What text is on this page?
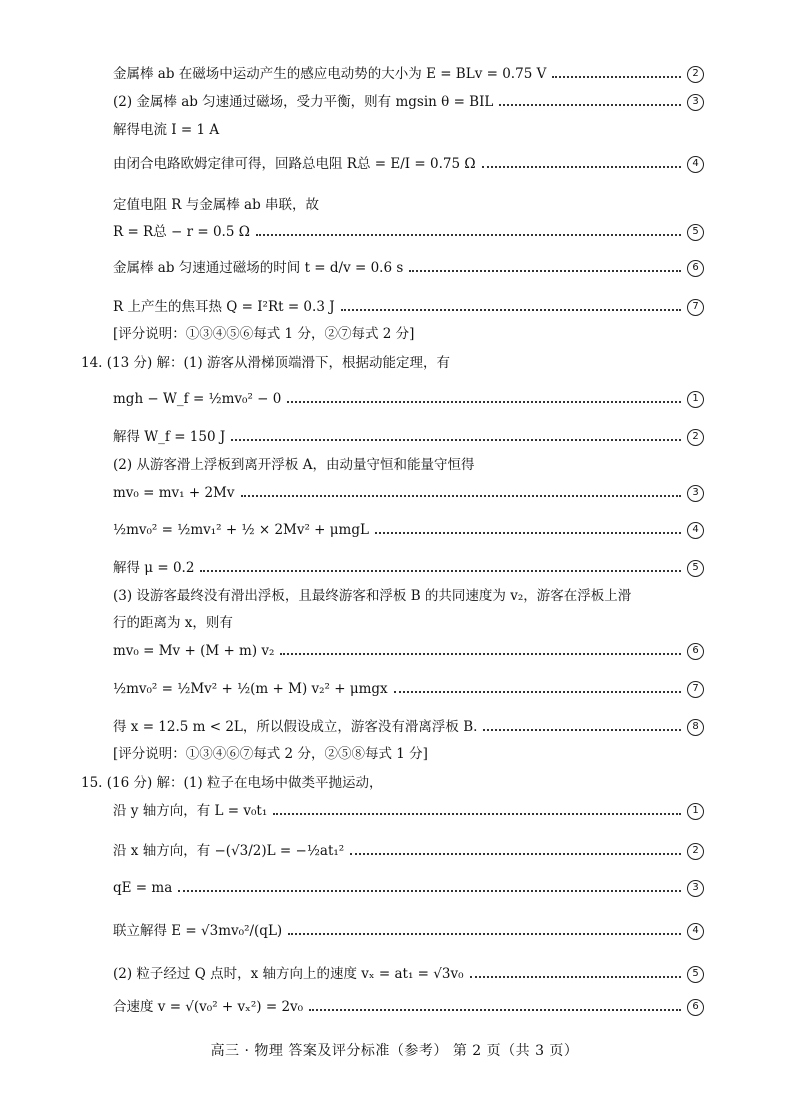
金属棒 ab 在磁场中运动产生的感应电动势的大小为 E = BLv = 0.75 V	2
(2) 金属棒 ab 匀速通过磁场，受力平衡，则有 mgsin θ = BIL	3
解得电流 I = 1 A
由闭合电路欧姆定律可得，回路总电阻 R总 = E/I = 0.75 Ω	4
定值电阻 R 与金属棒 ab 串联，故
R = R总 − r = 0.5 Ω	5
金属棒 ab 匀速通过磁场的时间 t = d/v = 0.6 s	6
R 上产生的焦耳热 Q = I²Rt = 0.3 J	7
[评分说明：①③④⑤⑥每式 1 分，②⑦每式 2 分]
14. (13 分) 解：(1) 游客从滑梯顶端滑下，根据动能定理，有
mgh − W_f = ½mv₀² − 0	1
解得 W_f = 150 J	2
(2) 从游客滑上浮板到离开浮板 A，由动量守恒和能量守恒得
mv₀ = mv₁ + 2Mv	3
½mv₀² = ½mv₁² + ½ × 2Mv² + μmgL	4
解得 μ = 0.2	5
(3) 设游客最终没有滑出浮板，且最终游客和浮板 B 的共同速度为 v₂，游客在浮板上滑
行的距离为 x，则有
mv₀ = Mv + (M + m) v₂	6
½mv₀² = ½Mv² + ½(m + M) v₂² + μmgx	7
得 x = 12.5 m < 2L，所以假设成立，游客没有滑离浮板 B.	8
[评分说明：①③④⑥⑦每式 2 分，②⑤⑧每式 1 分]
15. (16 分) 解：(1) 粒子在电场中做类平抛运动，
沿 y 轴方向，有 L = v₀t₁	1
沿 x 轴方向，有 −(√3/2)L = −½at₁²	2
qE = ma	3
联立解得 E = √3mv₀²/(qL)	4
(2) 粒子经过 Q 点时，x 轴方向上的速度 vₓ = at₁ = √3v₀	5
合速度 v = √(v₀² + vₓ²) = 2v₀	6
高三 · 物理 答案及评分标准（参考） 第 2 页（共 3 页）
